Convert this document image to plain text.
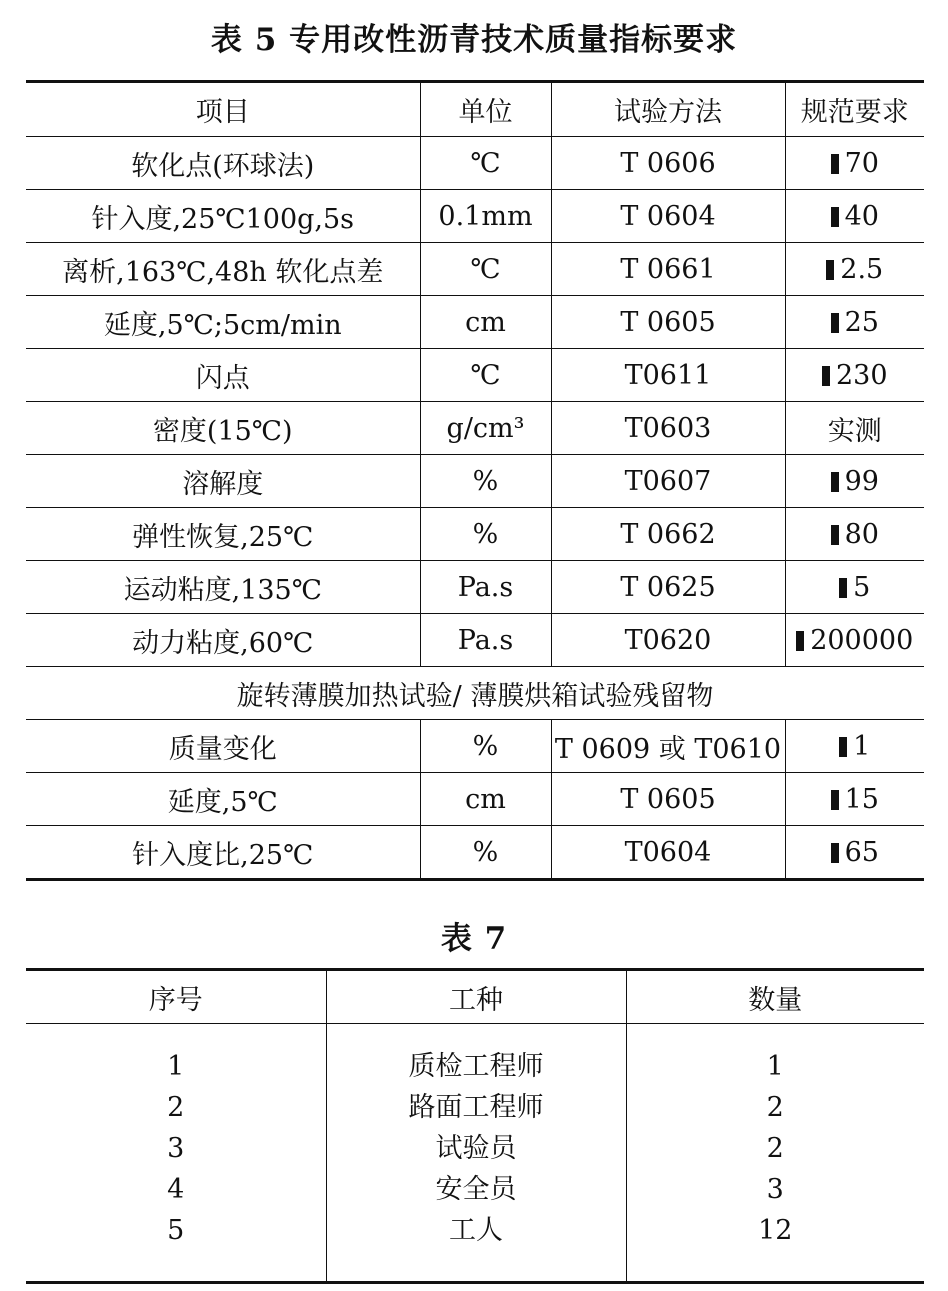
表 5 专用改性沥青技术质量指标要求
项目	单位	试验方法	规范要求
软化点(环球法)	℃	T 0606	70
针入度,25℃100g,5s	0.1mm	T 0604	40
离析,163℃,48h 软化点差	℃	T 0661	2.5
延度,5℃;5cm/min	cm	T 0605	25
闪点	℃	T0611	230
密度(15℃)	g/cm³	T0603	实测
溶解度	%	T0607	99
弹性恢复,25℃	%	T 0662	80
运动粘度,135℃	Pa.s	T 0625	5
动力粘度,60℃	Pa.s	T0620	200000
旋转薄膜加热试验/ 薄膜烘箱试验残留物			
质量变化	%	T 0609 或 T0610	1
延度,5℃	cm	T 0605	15
针入度比,25℃	%	T0604	65
表 7
序号	工种	数量

1	质检工程师	1
2	路面工程师	2
3	试验员	2
4	安全员	3
5	工人	12
